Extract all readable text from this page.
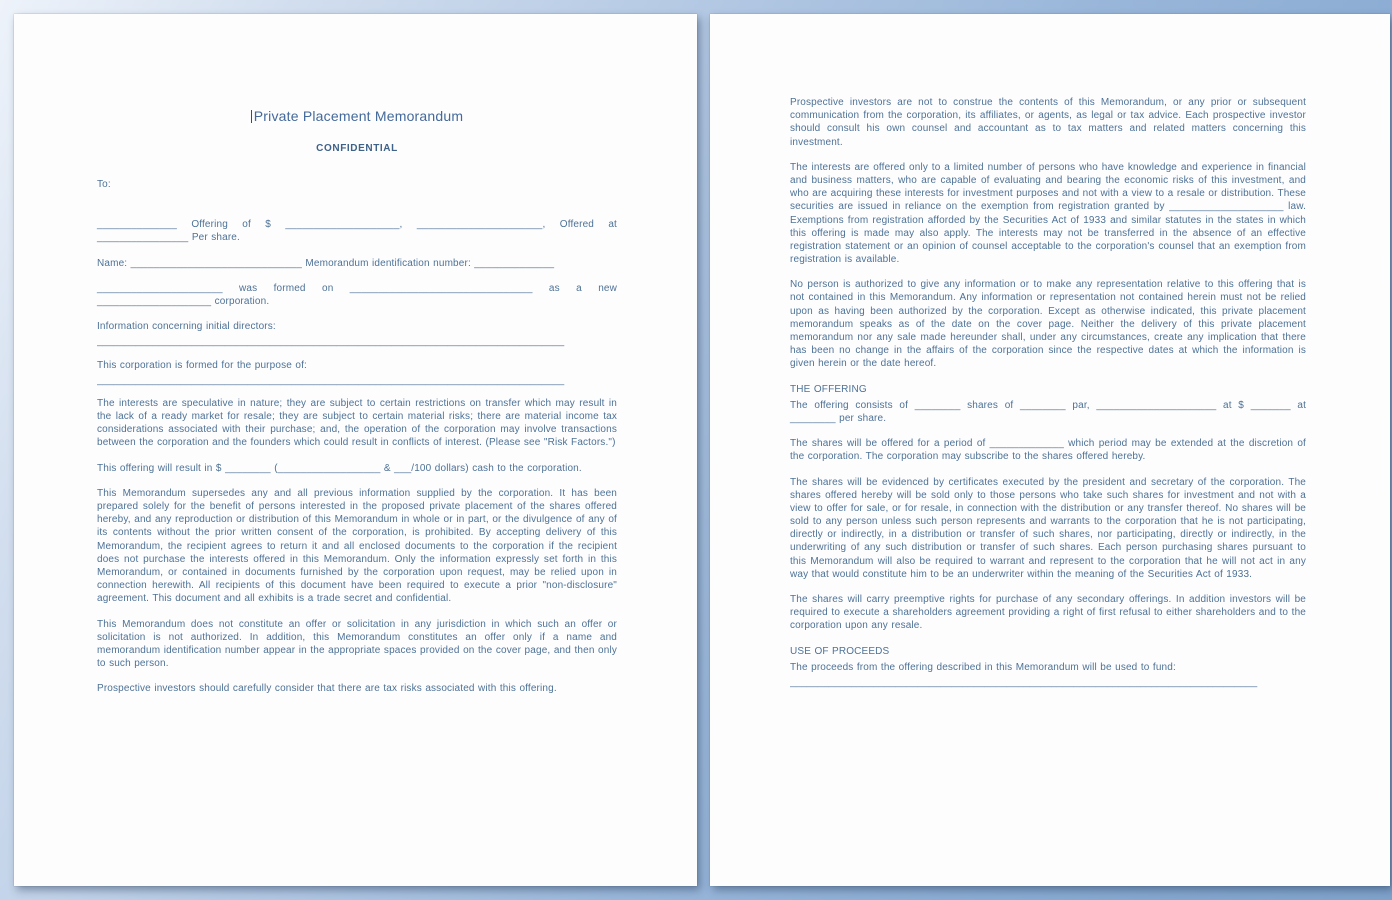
Private Placement Memorandum
CONFIDENTIAL

To:

______________ Offering of $ ____________________, ______________________, Offered at ________________ Per share.

Name: ______________________________ Memorandum identification number: ______________

______________________ was formed on ________________________________ as a new ____________________ corporation.

Information concerning initial directors:

____________________________________________________________________________________

This corporation is formed for the purpose of:

____________________________________________________________________________________

The interests are speculative in nature; they are subject to certain restrictions on transfer which may result in the lack of a ready market for resale; they are subject to certain material risks; there are material income tax considerations associated with their purchase; and, the operation of the corporation may involve transactions between the corporation and the founders which could result in conflicts of interest. (Please see "Risk Factors.")

This offering will result in $ ________ (__________________ & ___/100 dollars) cash to the corporation.

This Memorandum supersedes any and all previous information supplied by the corporation. It has been prepared solely for the benefit of persons interested in the proposed private placement of the shares offered hereby, and any reproduction or distribution of this Memorandum in whole or in part, or the divulgence of any of its contents without the prior written consent of the corporation, is prohibited. By accepting delivery of this Memorandum, the recipient agrees to return it and all enclosed documents to the corporation if the recipient does not purchase the interests offered in this Memorandum. Only the information expressly set forth in this Memorandum, or contained in documents furnished by the corporation upon request, may be relied upon in connection herewith. All recipients of this document have been required to execute a prior "non-disclosure" agreement. This document and all exhibits is a trade secret and confidential.

This Memorandum does not constitute an offer or solicitation in any jurisdiction in which such an offer or solicitation is not authorized. In addition, this Memorandum constitutes an offer only if a name and memorandum identification number appear in the appropriate spaces provided on the cover page, and then only to such person.

Prospective investors should carefully consider that there are tax risks associated with this offering.

Prospective investors are not to construe the contents of this Memorandum, or any prior or subsequent communication from the corporation, its affiliates, or agents, as legal or tax advice. Each prospective investor should consult his own counsel and accountant as to tax matters and related matters concerning this investment.

The interests are offered only to a limited number of persons who have knowledge and experience in financial and business matters, who are capable of evaluating and bearing the economic risks of this investment, and who are acquiring these interests for investment purposes and not with a view to a resale or distribution. These securities are issued in reliance on the exemption from registration granted by ____________________ law. Exemptions from registration afforded by the Securities Act of 1933 and similar statutes in the states in which this offering is made may also apply. The interests may not be transferred in the absence of an effective registration statement or an opinion of counsel acceptable to the corporation's counsel that an exemption from registration is available.

No person is authorized to give any information or to make any representation relative to this offering that is not contained in this Memorandum. Any information or representation not contained herein must not be relied upon as having been authorized by the corporation. Except as otherwise indicated, this private placement memorandum speaks as of the date on the cover page. Neither the delivery of this private placement memorandum nor any sale made hereunder shall, under any circumstances, create any implication that there has been no change in the affairs of the corporation since the respective dates at which the information is given herein or the date hereof.

THE OFFERING

The offering consists of ________ shares of ________ par, _____________________ at $ _______ at ________ per share.

The shares will be offered for a period of _____________ which period may be extended at the discretion of the corporation. The corporation may subscribe to the shares offered hereby.

The shares will be evidenced by certificates executed by the president and secretary of the corporation. The shares offered hereby will be sold only to those persons who take such shares for investment and not with a view to offer for sale, or for resale, in connection with the distribution or any transfer thereof. No shares will be sold to any person unless such person represents and warrants to the corporation that he is not participating, directly or indirectly, in a distribution or transfer of such shares, nor participating, directly or indirectly, in the underwriting of any such distribution or transfer of such shares. Each person purchasing shares pursuant to this Memorandum will also be required to warrant and represent to the corporation that he will not act in any way that would constitute him to be an underwriter within the meaning of the Securities Act of 1933.

The shares will carry preemptive rights for purchase of any secondary offerings. In addition investors will be required to execute a shareholders agreement providing a right of first refusal to either shareholders and to the corporation upon any resale.

USE OF PROCEEDS

The proceeds from the offering described in this Memorandum will be used to fund:

____________________________________________________________________________________
